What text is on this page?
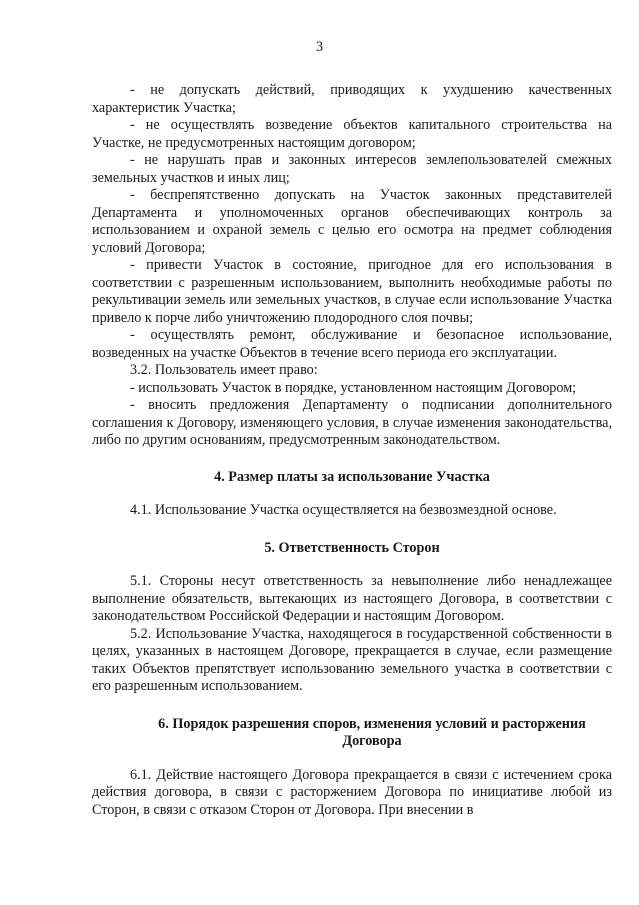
3

- не допускать действий, приводящих к ухудшению качественных характеристик Участка;

- не осуществлять возведение объектов капитального строительства на Участке, не предусмотренных настоящим договором;

- не нарушать прав и законных интересов землепользователей смежных земельных участков и иных лиц;

- беспрепятственно допускать на Участок законных представителей Департамента и уполномоченных органов обеспечивающих контроль за использованием и охраной земель с целью его осмотра на предмет соблюдения условий Договора;

- привести Участок в состояние, пригодное для его использования в соответствии с разрешенным использованием, выполнить необходимые работы по рекультивации земель или земельных участков, в случае если использование Участка привело к порче либо уничтожению плодородного слоя почвы;

- осуществлять ремонт, обслуживание и безопасное использование, возведенных на участке Объектов в течение всего периода его эксплуатации.

3.2. Пользователь имеет право:

- использовать Участок в порядке, установленном настоящим Договором;

- вносить предложения Департаменту о подписании дополнительного соглашения к Договору, изменяющего условия, в случае изменения законодательства, либо по другим основаниям, предусмотренным законодательством.

4. Размер платы за использование Участка

4.1. Использование Участка осуществляется на безвозмездной основе.

5. Ответственность Сторон

5.1. Стороны несут ответственность за невыполнение либо ненадлежащее выполнение обязательств, вытекающих из настоящего Договора, в соответствии с законодательством Российской Федерации и настоящим Договором.

5.2. Использование Участка, находящегося в государственной собственности в целях, указанных в настоящем Договоре, прекращается в случае, если размещение таких Объектов препятствует использованию земельного участка в соответствии с его разрешенным использованием.

6. Порядок разрешения споров, изменения условий и расторжения
Договора

6.1. Действие настоящего Договора прекращается в связи с истечением срока действия договора, в связи с расторжением Договора по инициативе любой из Сторон, в связи с отказом Сторон от Договора. При внесении в
